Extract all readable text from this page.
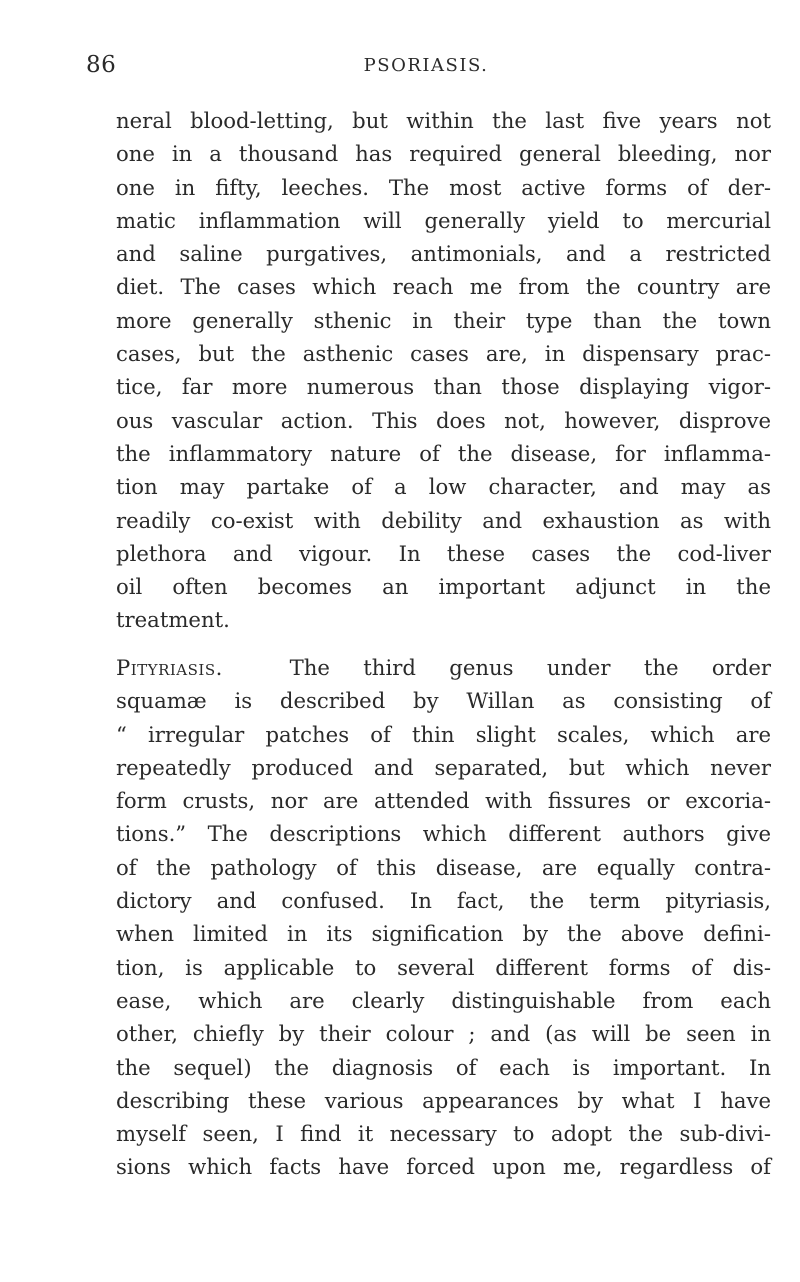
86	PSORIASIS.
neral blood-letting, but within the last five years not
one in a thousand has required general bleeding, nor
one in fifty, leeches. The most active forms of der-
matic inflammation will generally yield to mercurial
and saline purgatives, antimonials, and a restricted
diet. The cases which reach me from the country are
more generally sthenic in their type than the town
cases, but the asthenic cases are, in dispensary prac-
tice, far more numerous than those displaying vigor-
ous vascular action. This does not, however, disprove
the inflammatory nature of the disease, for inflamma-
tion may partake of a low character, and may as
readily co-exist with debility and exhaustion as with
plethora and vigour. In these cases the cod-liver
oil often becomes an important adjunct in the
treatment.
Pityriasis.	The third genus under the order
squamæ is described by Willan as consisting of
“ irregular patches of thin slight scales, which are
repeatedly produced and separated, but which never
form crusts, nor are attended with fissures or excoria-
tions.” The descriptions which different authors give
of the pathology of this disease, are equally contra-
dictory and confused. In fact, the term pityriasis,
when limited in its signification by the above defini-
tion, is applicable to several different forms of dis-
ease, which are clearly distinguishable from each
other, chiefly by their colour ; and (as will be seen in
the sequel) the diagnosis of each is important. In
describing these various appearances by what I have
myself seen, I find it necessary to adopt the sub-divi-
sions which facts have forced upon me, regardless of
